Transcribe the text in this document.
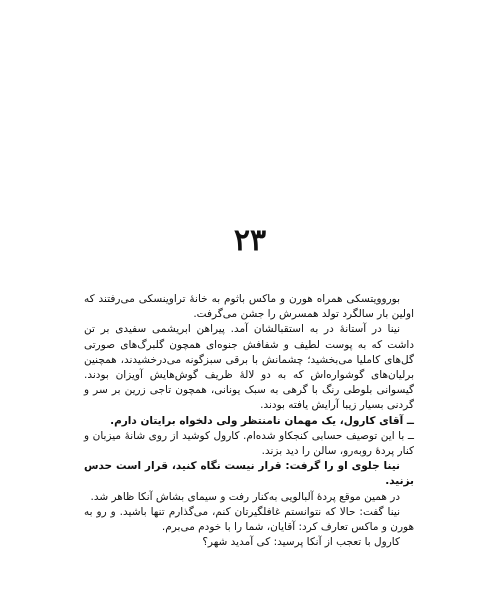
۲۳

بوروویتسکی همراه هورن و ماکس باثوم به خانهٔ تراوینسکی می‌رفتند که اولین بار سالگرد تولد همسرش را جشن می‌گرفت.

نینا در آستانهٔ در به استقبالشان آمد. پیراهن ابریشمی سفیدی بر تن داشت که به پوست لطیف و شفافش جنوه‌ای همچون گلبرگ‌های صورتی گل‌های کاملیا می‌بخشید؛ چشمانش با برقی سبزگونه می‌درخشیدند، همچنین برلیان‌های گوشواره‌اش که به دو لالهٔ ظریف گوش‌هایش آویزان بودند. گیسوانی بلوطی رنگ با گرهی به سبک یونانی، همچون تاجی زرین بر سر و گردنی بسیار زیبا آرایش یافته بودند.

ــ آقای کارول، یک مهمان نامنتظر ولی دلخواه برایتان دارم.

ــ با این توصیف حسابی کنجکاو شده‌ام. کارول کوشید از روی شانهٔ میزبان و کنار پردهٔ روبه‌رو، سالن را دید بزند.

نینا جلوی او را گرفت: قرار نیست نگاه کنید، قرار است حدس بزنید.

در همین موقع پردهٔ آلبالویی به‌کنار رفت و سیمای بشاش آنکا ظاهر شد.

نینا گفت: حالا که نتوانستم غافلگیرتان کنم، می‌گذارم تنها باشید. و رو به هورن و ماکس تعارف کرد: آقایان، شما را با خودم می‌برم.

کارول با تعجب از آنکا پرسید: کی آمدید شهر؟
